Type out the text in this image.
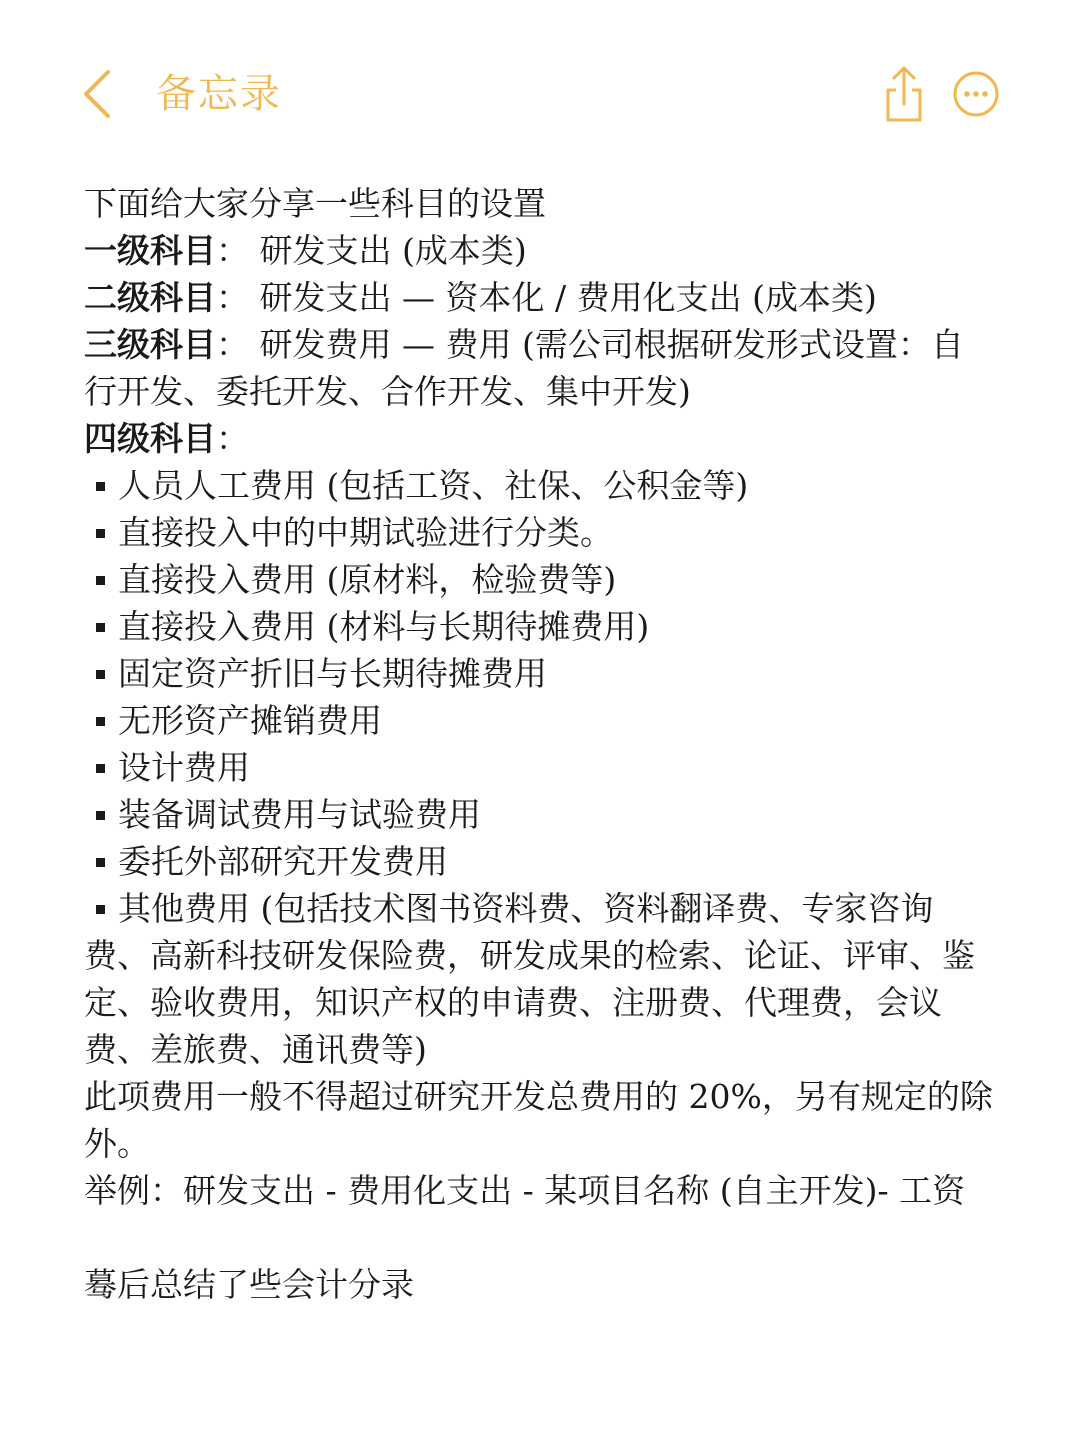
备忘录

下面给大家分享一些科目的设置

一级科目： 研发支出 (成本类)

二级科目： 研发支出 — 资本化 / 费用化支出 (成本类)

三级科目： 研发费用 — 费用 (需公司根据研发形式设置：自行开发、委托开发、合作开发、集中开发)

四级科目：

人员人工费用 (包括工资、社保、公积金等)

直接投入中的中期试验进行分类。

直接投入费用 (原材料，检验费等)

直接投入费用 (材料与长期待摊费用)

固定资产折旧与长期待摊费用

无形资产摊销费用

设计费用

装备调试费用与试验费用

委托外部研究开发费用

其他费用 (包括技术图书资料费、资料翻译费、专家咨询费、高新科技研发保险费，研发成果的检索、论证、评审、鉴定、验收费用，知识产权的申请费、注册费、代理费，会议费、差旅费、通讯费等)

此项费用一般不得超过研究开发总费用的 20%，另有规定的除外。

举例：研发支出 - 费用化支出 - 某项目名称 (自主开发)- 工资

蓦后总结了些会计分录
